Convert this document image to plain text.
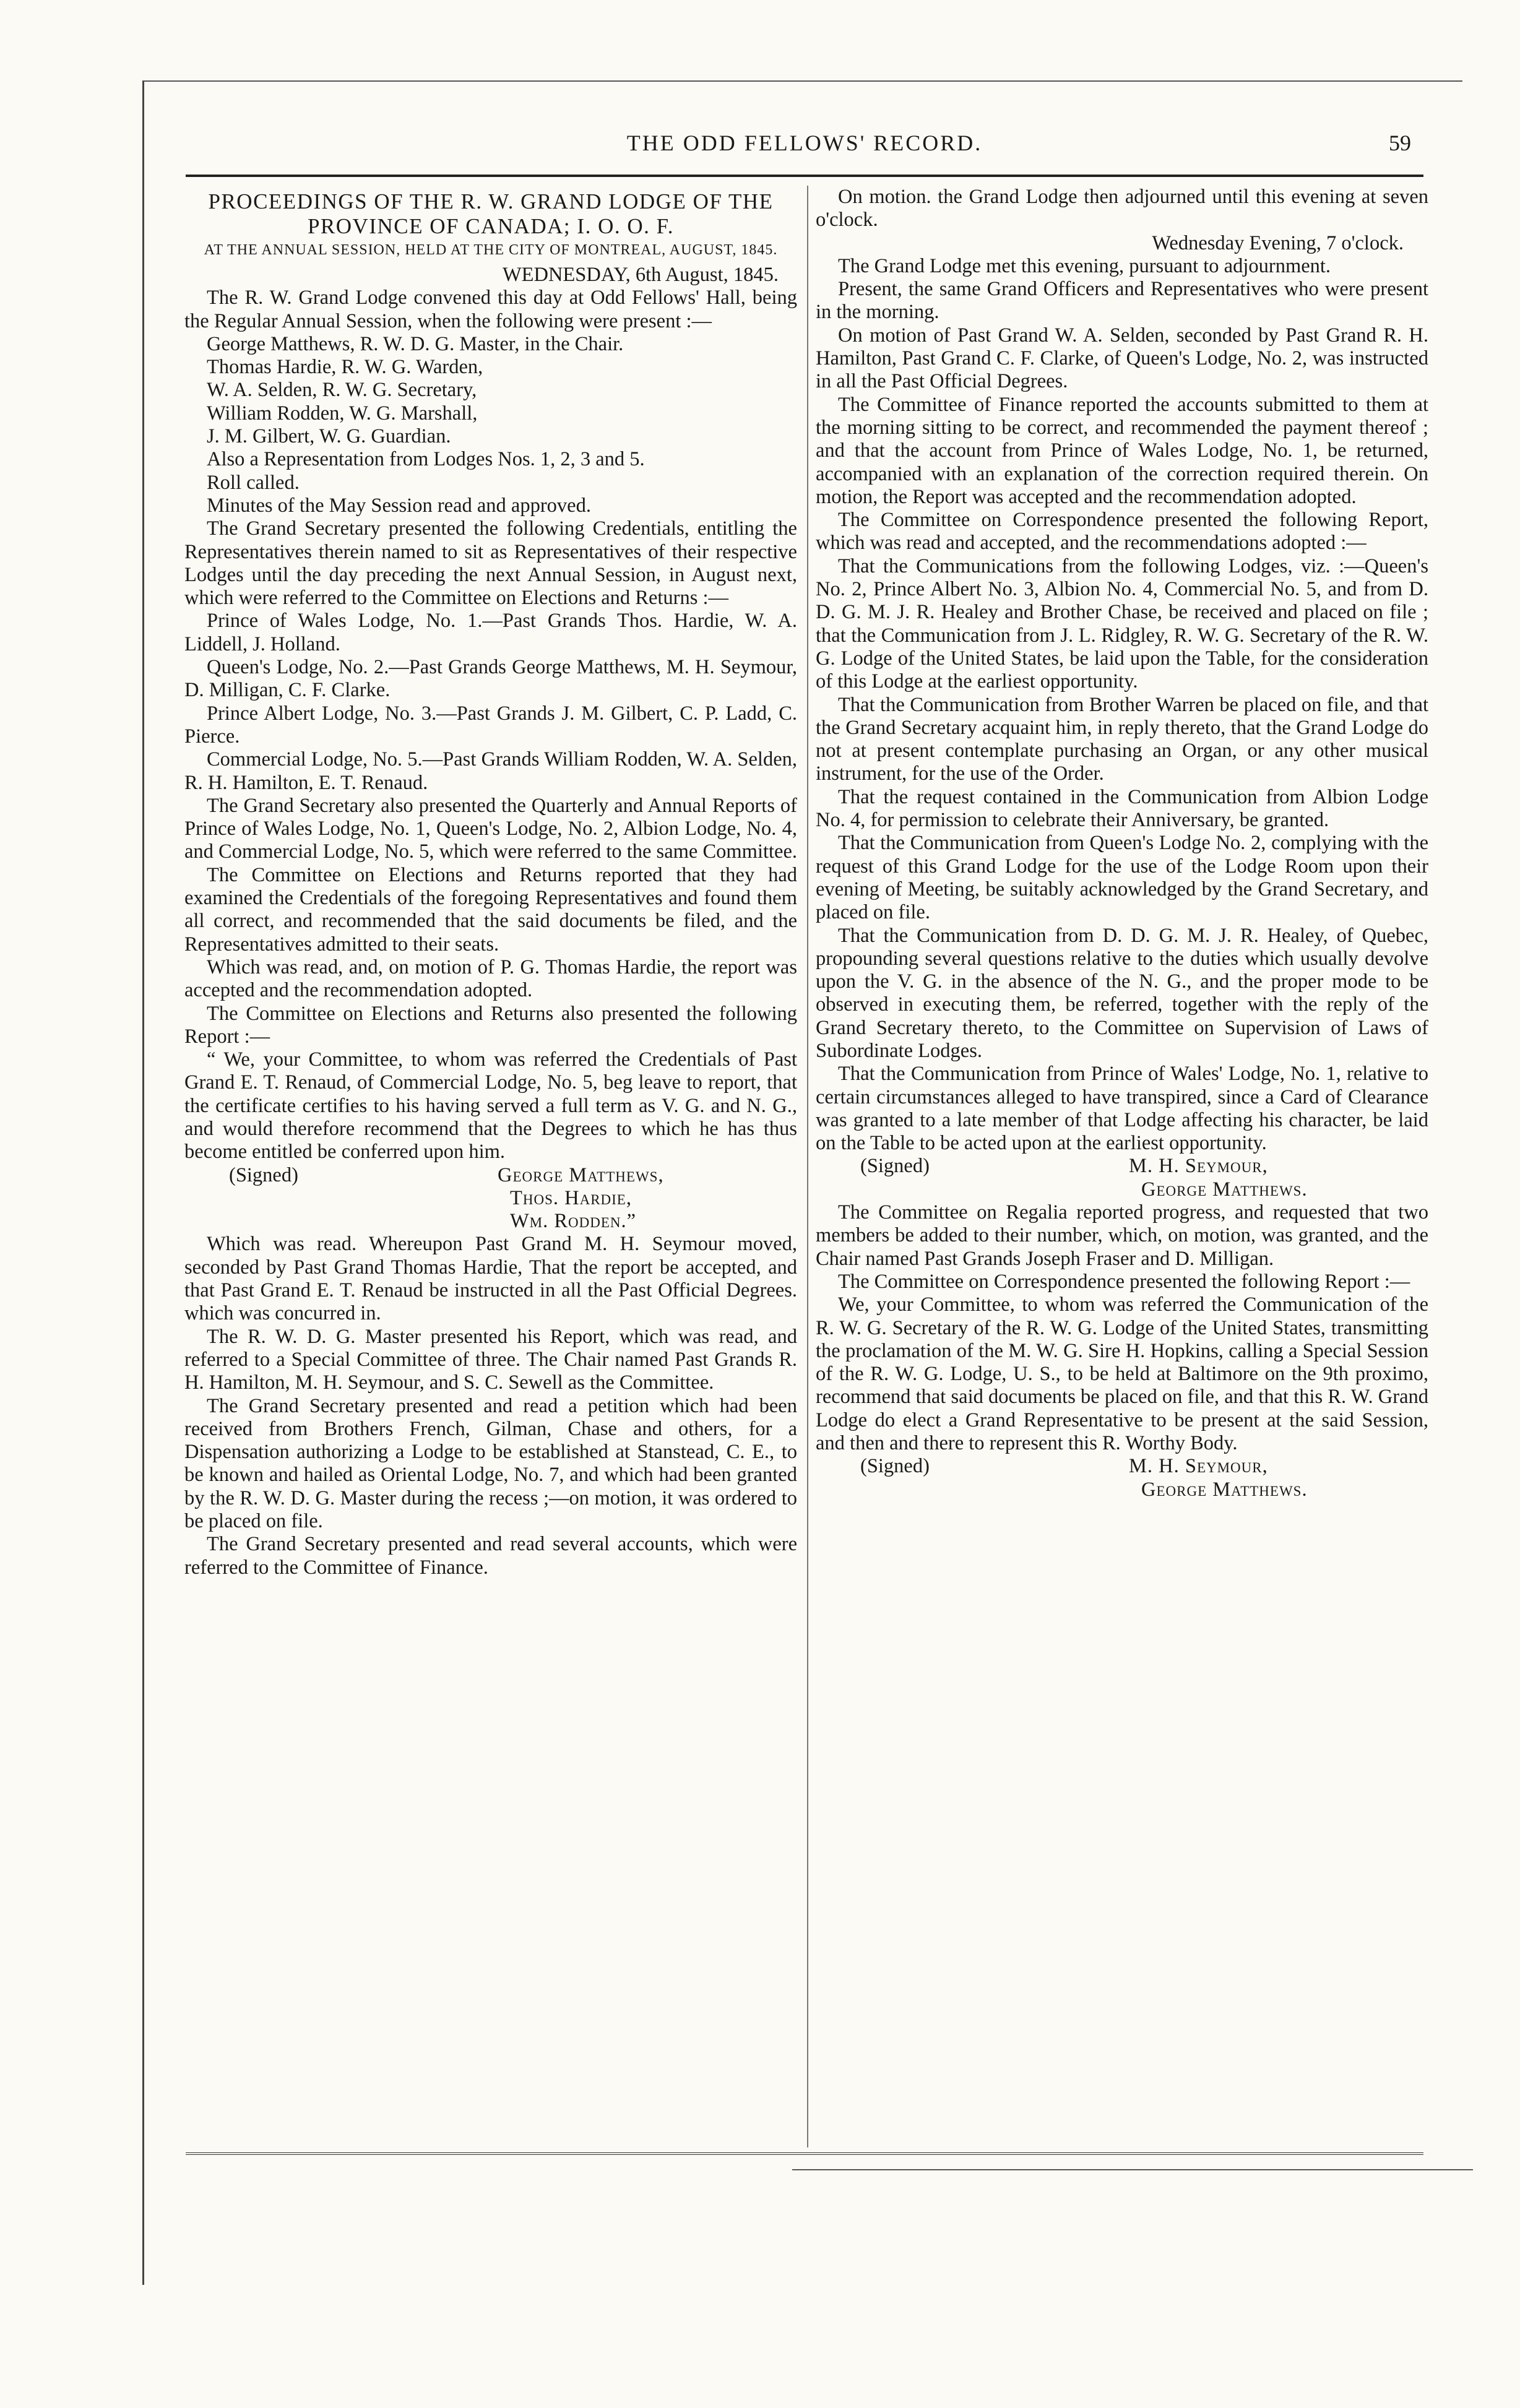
THE ODD FELLOWS' RECORD.	59
PROCEEDINGS OF THE R. W. GRAND LODGE OF THE PROVINCE OF CANADA; I. O. O. F.
AT THE ANNUAL SESSION, HELD AT THE CITY OF MONTREAL, AUGUST, 1845.

WEDNESDAY, 6th August, 1845.

The R. W. Grand Lodge convened this day at Odd Fellows' Hall, being the Regular Annual Session, when the following were present :—

George Matthews, R. W. D. G. Master, in the Chair.

Thomas Hardie, R. W. G. Warden,

W. A. Selden, R. W. G. Secretary,

William Rodden, W. G. Marshall,

J. M. Gilbert, W. G. Guardian.

Also a Representation from Lodges Nos. 1, 2, 3 and 5.

Roll called.

Minutes of the May Session read and approved.

The Grand Secretary presented the following Credentials, entitling the Representatives therein named to sit as Representatives of their respective Lodges until the day preceding the next Annual Session, in August next, which were referred to the Committee on Elections and Returns :—

Prince of Wales Lodge, No. 1.—Past Grands Thos. Hardie, W. A. Liddell, J. Holland.

Queen's Lodge, No. 2.—Past Grands George Matthews, M. H. Seymour, D. Milligan, C. F. Clarke.

Prince Albert Lodge, No. 3.—Past Grands J. M. Gilbert, C. P. Ladd, C. Pierce.

Commercial Lodge, No. 5.—Past Grands William Rodden, W. A. Selden, R. H. Hamilton, E. T. Renaud.

The Grand Secretary also presented the Quarterly and Annual Reports of Prince of Wales Lodge, No. 1, Queen's Lodge, No. 2, Albion Lodge, No. 4, and Commercial Lodge, No. 5, which were referred to the same Committee.

The Committee on Elections and Returns reported that they had examined the Credentials of the foregoing Representatives and found them all correct, and recommended that the said documents be filed, and the Representatives admitted to their seats.

Which was read, and, on motion of P. G. Thomas Hardie, the report was accepted and the recommendation adopted.

The Committee on Elections and Returns also presented the following Report :—

“ We, your Committee, to whom was referred the Credentials of Past Grand E. T. Renaud, of Commercial Lodge, No. 5, beg leave to report, that the certificate certifies to his having served a full term as V. G. and N. G., and would therefore recommend that the Degrees to which he has thus become entitled be conferred upon him.

(Signed)	George Matthews,

Thos. Hardie,

Wm. Rodden.”

Which was read. Whereupon Past Grand M. H. Seymour moved, seconded by Past Grand Thomas Hardie, That the report be accepted, and that Past Grand E. T. Renaud be instructed in all the Past Official Degrees. which was concurred in.

The R. W. D. G. Master presented his Report, which was read, and referred to a Special Committee of three. The Chair named Past Grands R. H. Hamilton, M. H. Seymour, and S. C. Sewell as the Committee.

The Grand Secretary presented and read a petition which had been received from Brothers French, Gilman, Chase and others, for a Dispensation authorizing a Lodge to be established at Stanstead, C. E., to be known and hailed as Oriental Lodge, No. 7, and which had been granted by the R. W. D. G. Master during the recess ;—on motion, it was ordered to be placed on file.

The Grand Secretary presented and read several accounts, which were referred to the Committee of Finance.

On motion. the Grand Lodge then adjourned until this evening at seven o'clock.

Wednesday Evening, 7 o'clock.

The Grand Lodge met this evening, pursuant to adjournment.

Present, the same Grand Officers and Representatives who were present in the morning.

On motion of Past Grand W. A. Selden, seconded by Past Grand R. H. Hamilton, Past Grand C. F. Clarke, of Queen's Lodge, No. 2, was instructed in all the Past Official Degrees.

The Committee of Finance reported the accounts submitted to them at the morning sitting to be correct, and recommended the payment thereof ; and that the account from Prince of Wales Lodge, No. 1, be returned, accompanied with an explanation of the correction required therein. On motion, the Report was accepted and the recommendation adopted.

The Committee on Correspondence presented the following Report, which was read and accepted, and the recommendations adopted :—

That the Communications from the following Lodges, viz. :—Queen's No. 2, Prince Albert No. 3, Albion No. 4, Commercial No. 5, and from D. D. G. M. J. R. Healey and Brother Chase, be received and placed on file ; that the Communication from J. L. Ridgley, R. W. G. Secretary of the R. W. G. Lodge of the United States, be laid upon the Table, for the consideration of this Lodge at the earliest opportunity.

That the Communication from Brother Warren be placed on file, and that the Grand Secretary acquaint him, in reply thereto, that the Grand Lodge do not at present contemplate purchasing an Organ, or any other musical instrument, for the use of the Order.

That the request contained in the Communication from Albion Lodge No. 4, for permission to celebrate their Anniversary, be granted.

That the Communication from Queen's Lodge No. 2, complying with the request of this Grand Lodge for the use of the Lodge Room upon their evening of Meeting, be suitably acknowledged by the Grand Secretary, and placed on file.

That the Communication from D. D. G. M. J. R. Healey, of Quebec, propounding several questions relative to the duties which usually devolve upon the V. G. in the absence of the N. G., and the proper mode to be observed in executing them, be referred, together with the reply of the Grand Secretary thereto, to the Committee on Supervision of Laws of Subordinate Lodges.

That the Communication from Prince of Wales' Lodge, No. 1, relative to certain circumstances alleged to have transpired, since a Card of Clearance was granted to a late member of that Lodge affecting his character, be laid on the Table to be acted upon at the earliest opportunity.

(Signed)	M. H. Seymour,

George Matthews.

The Committee on Regalia reported progress, and requested that two members be added to their number, which, on motion, was granted, and the Chair named Past Grands Joseph Fraser and D. Milligan.

The Committee on Correspondence presented the following Report :—

We, your Committee, to whom was referred the Communication of the R. W. G. Secretary of the R. W. G. Lodge of the United States, transmitting the proclamation of the M. W. G. Sire H. Hopkins, calling a Special Session of the R. W. G. Lodge, U. S., to be held at Baltimore on the 9th proximo, recommend that said documents be placed on file, and that this R. W. Grand Lodge do elect a Grand Representative to be present at the said Session, and then and there to represent this R. Worthy Body.

(Signed)	M. H. Seymour,

George Matthews.
